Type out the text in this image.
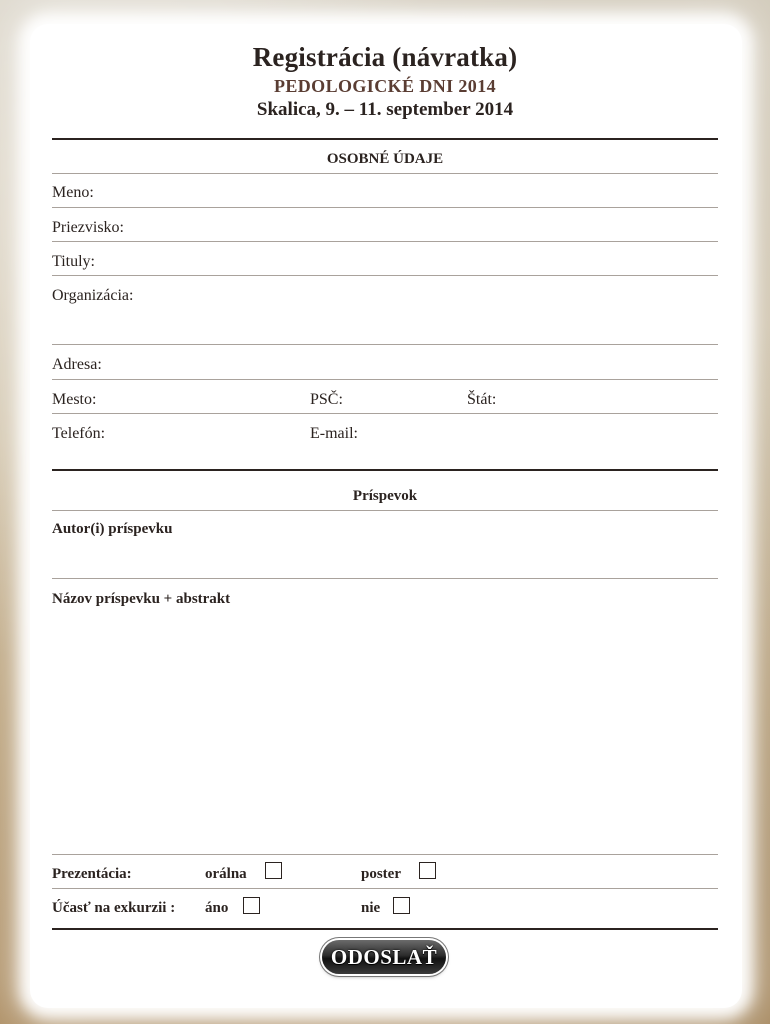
Registrácia (návratka)
PEDOLOGICKÉ DNI 2014
Skalica, 9. – 11. september 2014
OSOBNÉ ÚDAJE
Meno:
Priezvisko:
Tituly:
Organizácia:
Adresa:
Mesto:	PSČ:	Štát:
Telefón:	E-mail:
Príspevok
Autor(i) príspevku
Názov príspevku + abstrakt
Prezentácia:	orálna	poster
Účasť na exkurzii : áno	nie
ODOSLAŤ
